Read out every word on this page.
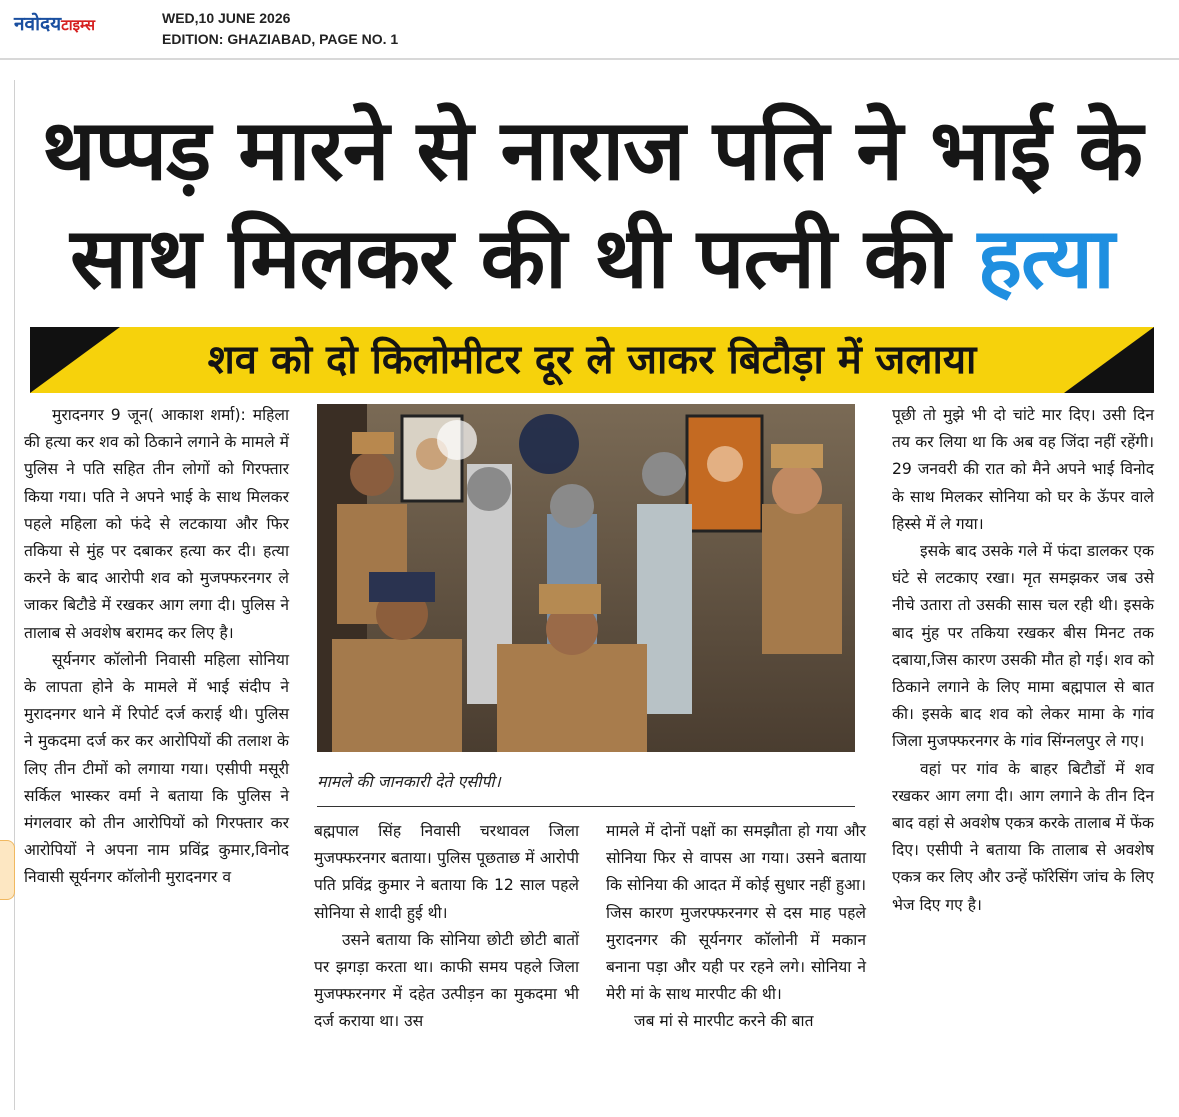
नवोदयटाइम्स	WED,10 JUNE 2026
EDITION: GHAZIABAD, PAGE NO. 1
थप्पड़ मारने से नाराज पति ने भाई के
साथ मिलकर की थी पत्नी की हत्या
शव को दो किलोमीटर दूर ले जाकर बिटौड़ा में जलाया

मुरादनगर 9 जून( आकाश शर्मा): महिला की हत्या कर शव को ठिकाने लगाने के मामले में पुलिस ने पति सहित तीन लोगों को गिरफ्तार किया गया। पति ने अपने भाई के साथ मिलकर पहले महिला को फंदे से लटकाया और फिर तकिया से मुंह पर दबाकर हत्या कर दी। हत्या करने के बाद आरोपी शव को मुजफ्फरनगर ले जाकर बिटौडे में रखकर आग लगा दी। पुलिस ने तालाब से अवशेष बरामद कर लिए है।

सूर्यनगर कॉलोनी निवासी महिला सोनिया के लापता होने के मामले में भाई संदीप ने मुरादनगर थाने में रिपोर्ट दर्ज कराई थी। पुलिस ने मुकदमा दर्ज कर कर आरोपियों की तलाश के लिए तीन टीमों को लगाया गया। एसीपी मसूरी सर्किल भास्कर वर्मा ने बताया कि पुलिस ने मंगलवार को तीन आरोपियों को गिरफ्तार कर आरोपियों ने अपना नाम प्रविंद्र कुमार,विनोद निवासी सूर्यनगर कॉलोनी मुरादनगर व

मामले की जानकारी देते एसीपी।

बह्मपाल सिंह निवासी चरथावल जिला मुजफ्फरनगर बताया। पुलिस पूछताछ में आरोपी पति प्रविंद्र कुमार ने बताया कि 12 साल पहले सोनिया से शादी हुई थी।

उसने बताया कि सोनिया छोटी छोटी बातों पर झगड़ा करता था। काफी समय पहले जिला मुजफ्फरनगर में दहेत उत्पीड़न का मुकदमा भी दर्ज कराया था। उस

मामले में दोनों पक्षों का समझौता हो गया और सोनिया फिर से वापस आ गया। उसने बताया कि सोनिया की आदत में कोई सुधार नहीं हुआ। जिस कारण मुजरफ्फरनगर से दस माह पहले मुरादनगर की सूर्यनगर कॉलोनी में मकान बनाना पड़ा और यही पर रहने लगे। सोनिया ने मेरी मां के साथ मारपीट की थी।

जब मां से मारपीट करने की बात

पूछी तो मुझे भी दो चांटे मार दिए। उसी दिन तय कर लिया था कि अब वह जिंदा नहीं रहेंगी।29 जनवरी की रात को मैने अपने भाई विनोद के साथ मिलकर सोनिया को घर के ऊॅपर वाले हिस्से में ले गया।

इसके बाद उसके गले में फंदा डालकर एक घंटे से लटकाए रखा। मृत समझकर जब उसे नीचे उतारा तो उसकी सास चल रही थी। इसके बाद मुंह पर तकिया रखकर बीस मिनट तक दबाया,जिस कारण उसकी मौत हो गई। शव को ठिकाने लगाने के लिए मामा बह्मपाल से बात की। इसके बाद शव को लेकर मामा के गांव जिला मुजफ्फरनगर के गांव सिंग्नलपुर ले गए।

वहां पर गांव के बाहर बिटौडों में शव रखकर आग लगा दी। आग लगाने के तीन दिन बाद वहां से अवशेष एकत्र करके तालाब में फेंक दिए। एसीपी ने बताया कि तालाब से अवशेष एकत्र कर लिए और उन्हें फॉरेसिंग जांच के लिए भेज दिए गए है।
